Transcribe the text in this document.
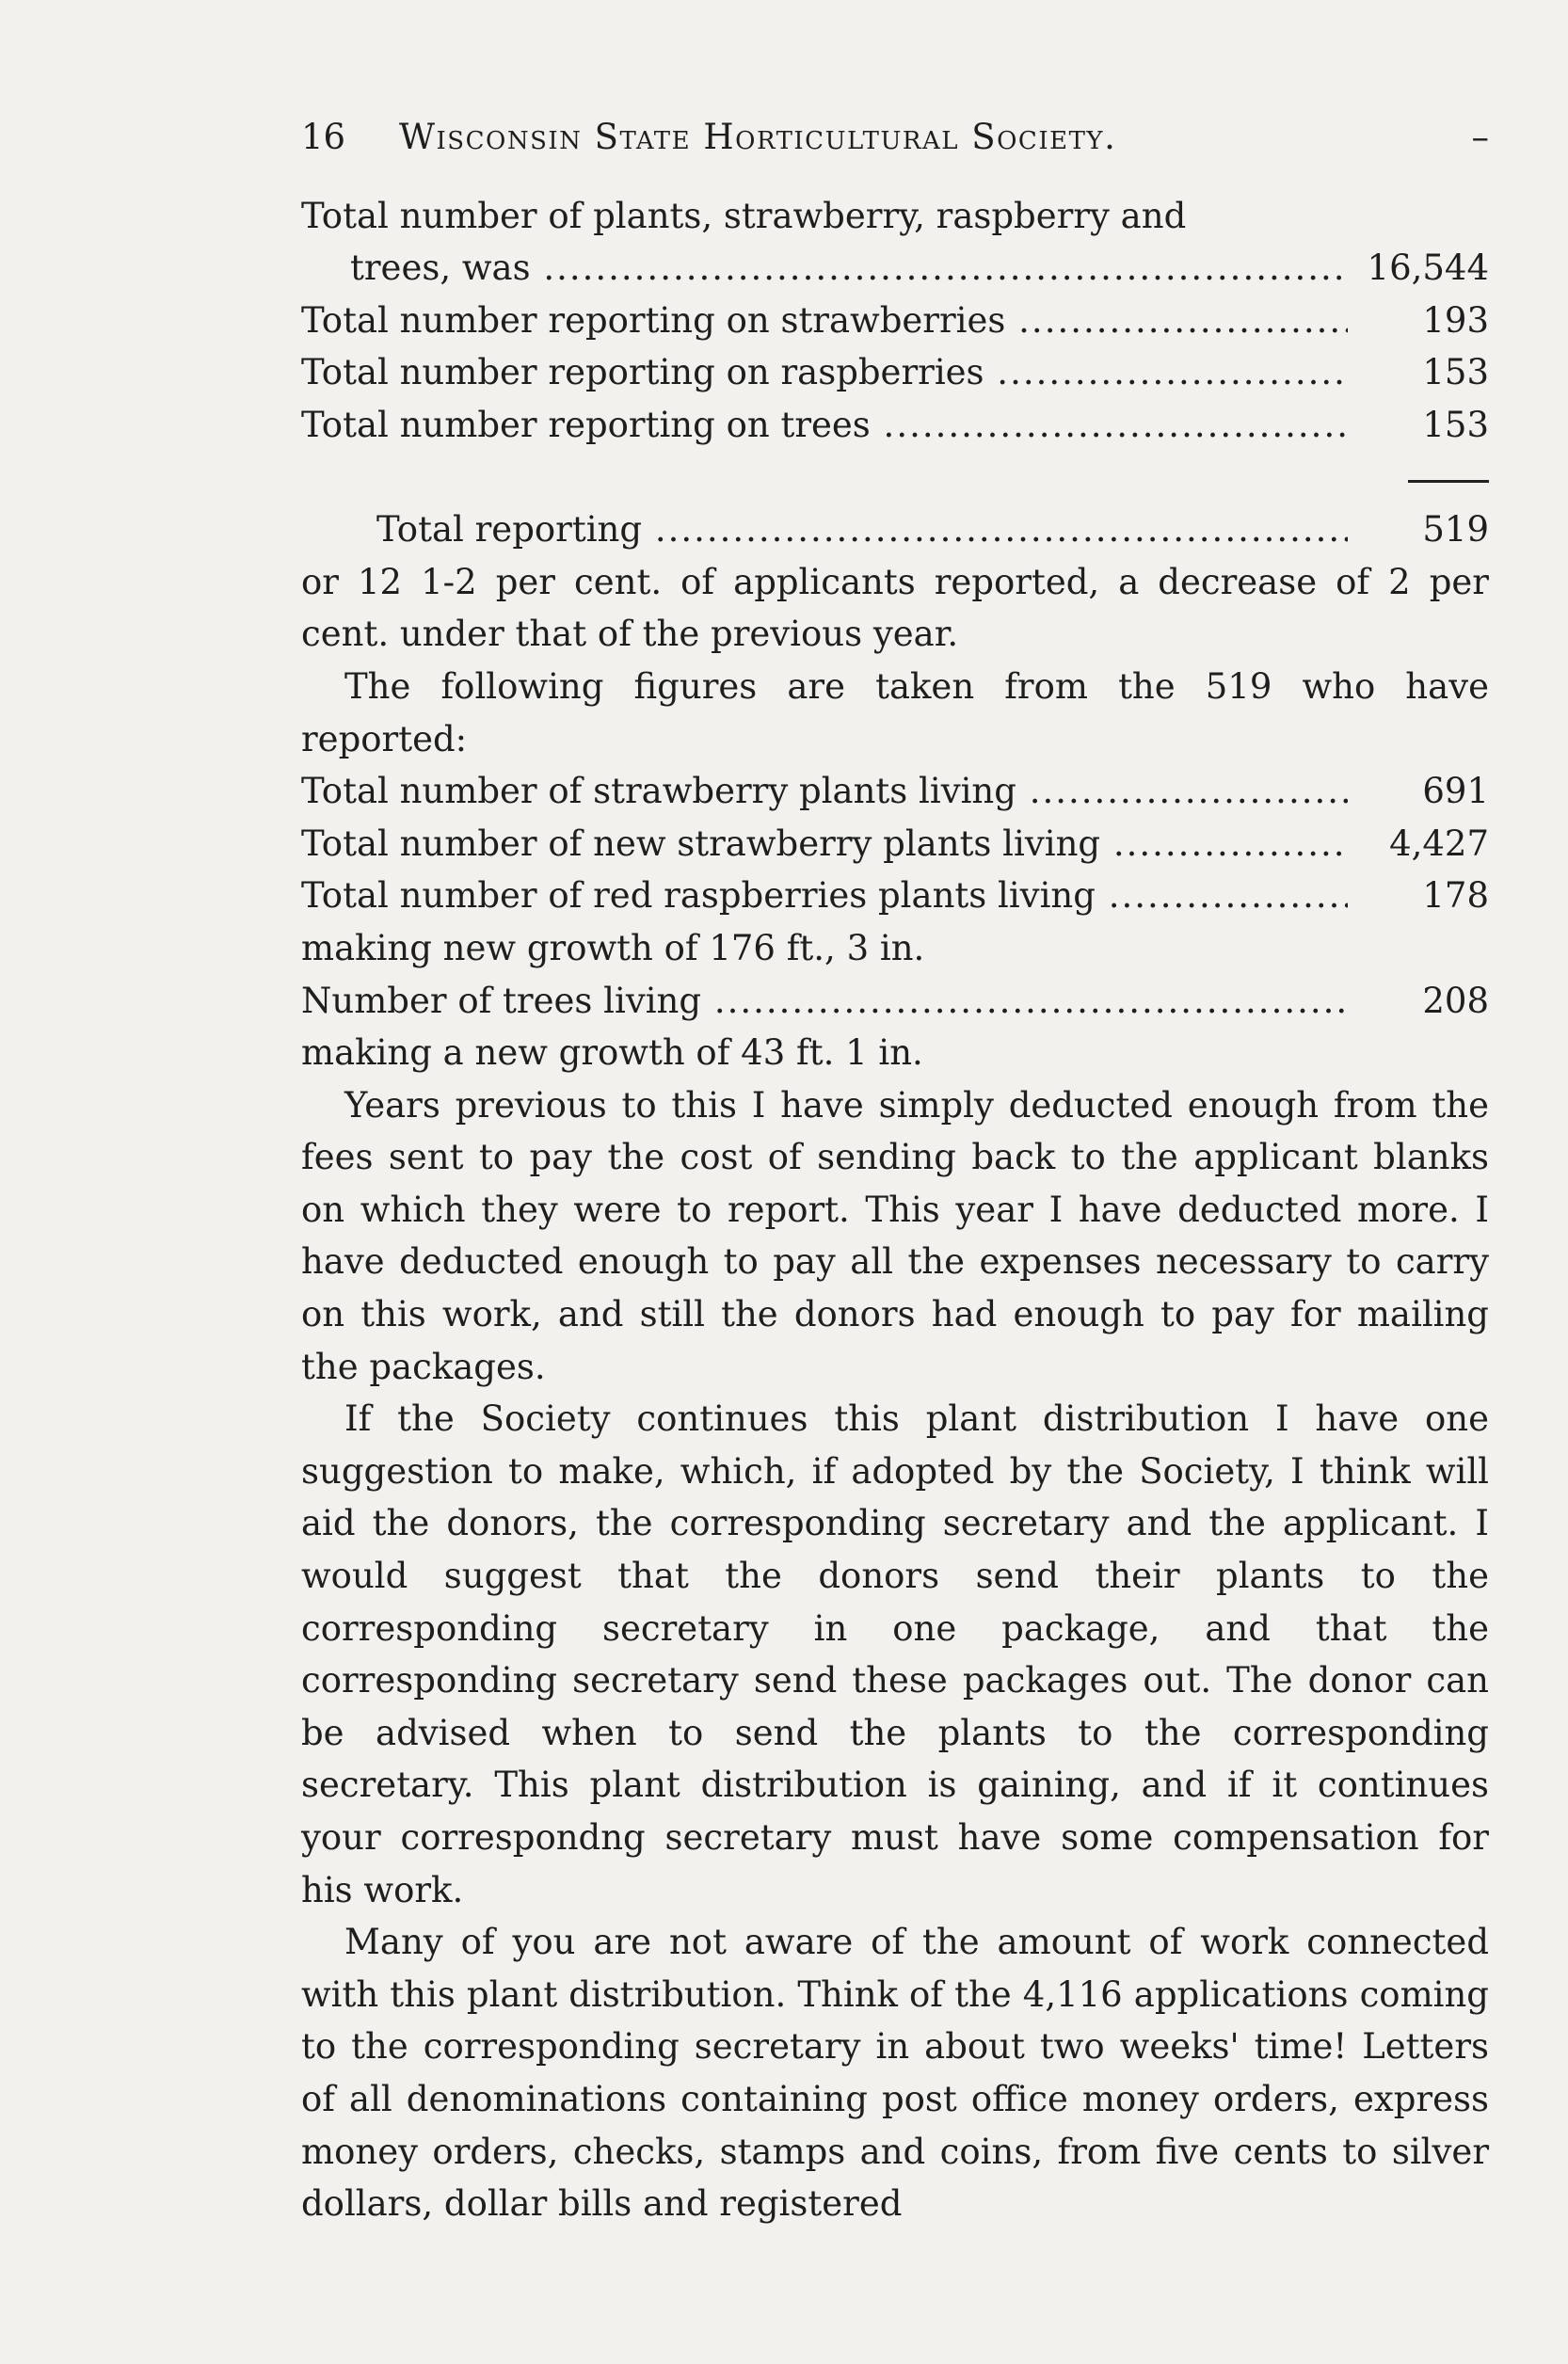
16	Wisconsin State Horticultural Society.	–
Total number of plants, strawberry, raspberry and
trees, was .....	16,544
Total number reporting on strawberries .....	193
Total number reporting on raspberries .....	153
Total number reporting on trees .....	153
Total reporting .....	519

or 12 1-2 per cent. of applicants reported, a decrease of 2 per cent. under that of the previous year.

The following figures are taken from the 519 who have reported:

Total number of strawberry plants living .....	691
Total number of new strawberry plants living .....	4,427
Total number of red raspberries plants living .....	178
making new growth of 176 ft., 3 in.
Number of trees living .....	208
making a new growth of 43 ft. 1 in.

Years previous to this I have simply deducted enough from the fees sent to pay the cost of sending back to the applicant blanks on which they were to report. This year I have deducted more. I have deducted enough to pay all the expenses necessary to carry on this work, and still the donors had enough to pay for mailing the packages.

If the Society continues this plant distribution I have one suggestion to make, which, if adopted by the Society, I think will aid the donors, the corresponding secretary and the applicant. I would suggest that the donors send their plants to the corresponding secretary in one package, and that the corresponding secretary send these packages out. The donor can be advised when to send the plants to the corresponding secretary. This plant distribution is gaining, and if it continues your correspondng secretary must have some compensation for his work.

Many of you are not aware of the amount of work connected with this plant distribution. Think of the 4,116 applications coming to the corresponding secretary in about two weeks' time! Letters of all denominations containing post office money orders, express money orders, checks, stamps and coins, from five cents to silver dollars, dollar bills and registered
